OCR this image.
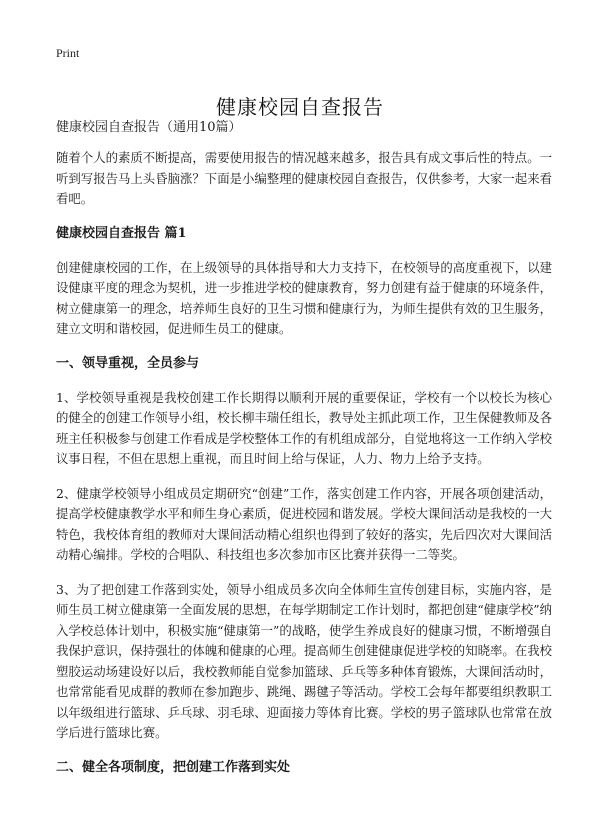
Print
健康校园自查报告
健康校园自查报告（通用10篇）

随着个人的素质不断提高，需要使用报告的情况越来越多，报告具有成文事后性的特点。一听到写报告马上头昏脑涨？下面是小编整理的健康校园自查报告，仅供参考，大家一起来看看吧。

健康校园自查报告 篇1

创建健康校园的工作，在上级领导的具体指导和大力支持下，在校领导的高度重视下，以建设健康平度的理念为契机，进一步推进学校的健康教育，努力创建有益于健康的环境条件，树立健康第一的理念，培养师生良好的卫生习惯和健康行为，为师生提供有效的卫生服务，建立文明和谐校园，促进师生员工的健康。

一、领导重视，全员参与

1、学校领导重视是我校创建工作长期得以顺利开展的重要保证，学校有一个以校长为核心的健全的创建工作领导小组，校长柳丰瑞任组长，教导处主抓此项工作，卫生保健教师及各班主任积极参与创建工作看成是学校整体工作的有机组成部分，自觉地将这一工作纳入学校议事日程，不但在思想上重视，而且时间上给与保证，人力、物力上给予支持。

2、健康学校领导小组成员定期研究“创建”工作，落实创建工作内容，开展各项创建活动，提高学校健康教学水平和师生身心素质，促进校园和谐发展。学校大课间活动是我校的一大特色，我校体育组的教师对大课间活动精心组织也得到了较好的落实，先后四次对大课间活动精心编排。学校的合唱队、科技组也多次参加市区比赛并获得一二等奖。

3、为了把创建工作落到实处，领导小组成员多次向全体师生宣传创建目标，实施内容，是师生员工树立健康第一全面发展的思想，在每学期制定工作计划时，都把创建“健康学校”纳入学校总体计划中，积极实施“健康第一”的战略，使学生养成良好的健康习惯，不断增强自我保护意识，保持强壮的体魄和健康的心理。提高师生创建健康促进学校的知晓率。在我校塑胶运动场建设好以后，我校教师能自觉参加篮球、乒乓等多种体育锻炼，大课间活动时，也常常能看见成群的教师在参加跑步、跳绳、踢毽子等活动。学校工会每年都要组织教职工以年级组进行篮球、乒乓球、羽毛球、迎面接力等体育比赛。学校的男子篮球队也常常在放学后进行篮球比赛。

二、健全各项制度，把创建工作落到实处
